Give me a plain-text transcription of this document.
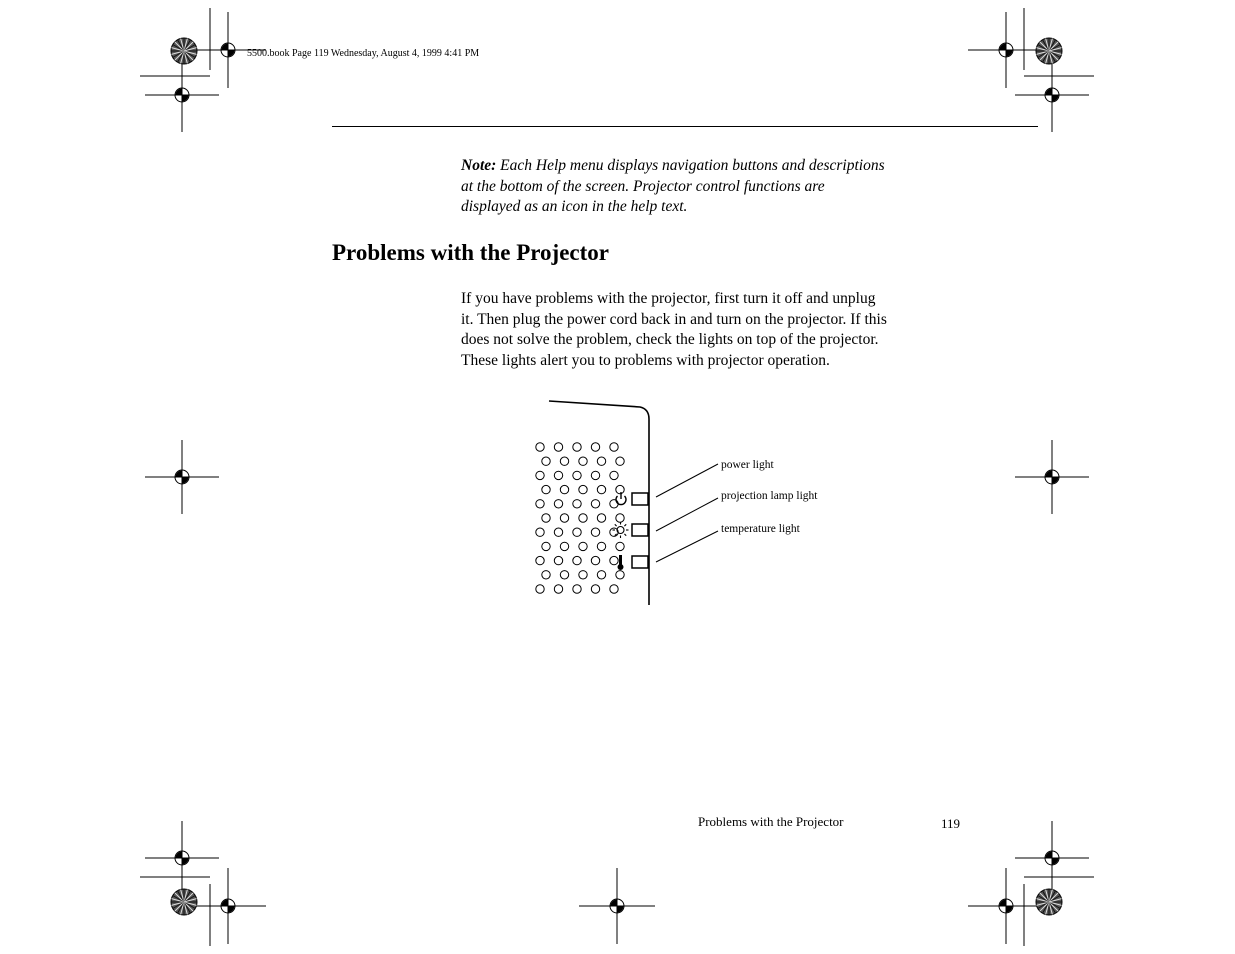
5500.book Page 119 Wednesday, August 4, 1999 4:41 PM
Note: Each Help menu displays navigation buttons and descriptions
at the bottom of the screen. Projector control functions are
displayed as an icon in the help text.
Problems with the Projector
If you have problems with the projector, first turn it off and unplug
it. Then plug the power cord back in and turn on the projector. If this
does not solve the problem, check the lights on top of the projector.
These lights alert you to problems with projector operation.
power light
projection lamp light
temperature light
Problems with the Projector	119
